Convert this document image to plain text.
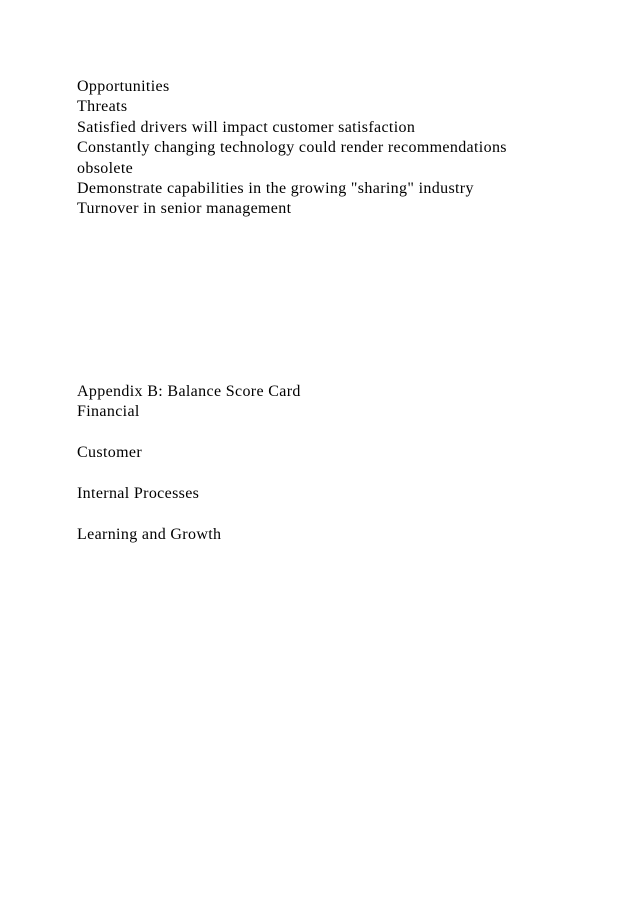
Opportunities
Threats
Satisfied drivers will impact customer satisfaction
Constantly changing technology could render recommendations
obsolete
Demonstrate capabilities in the growing "sharing" industry
Turnover in senior management
Appendix B: Balance Score Card
Financial
Customer
Internal Processes
Learning and Growth
